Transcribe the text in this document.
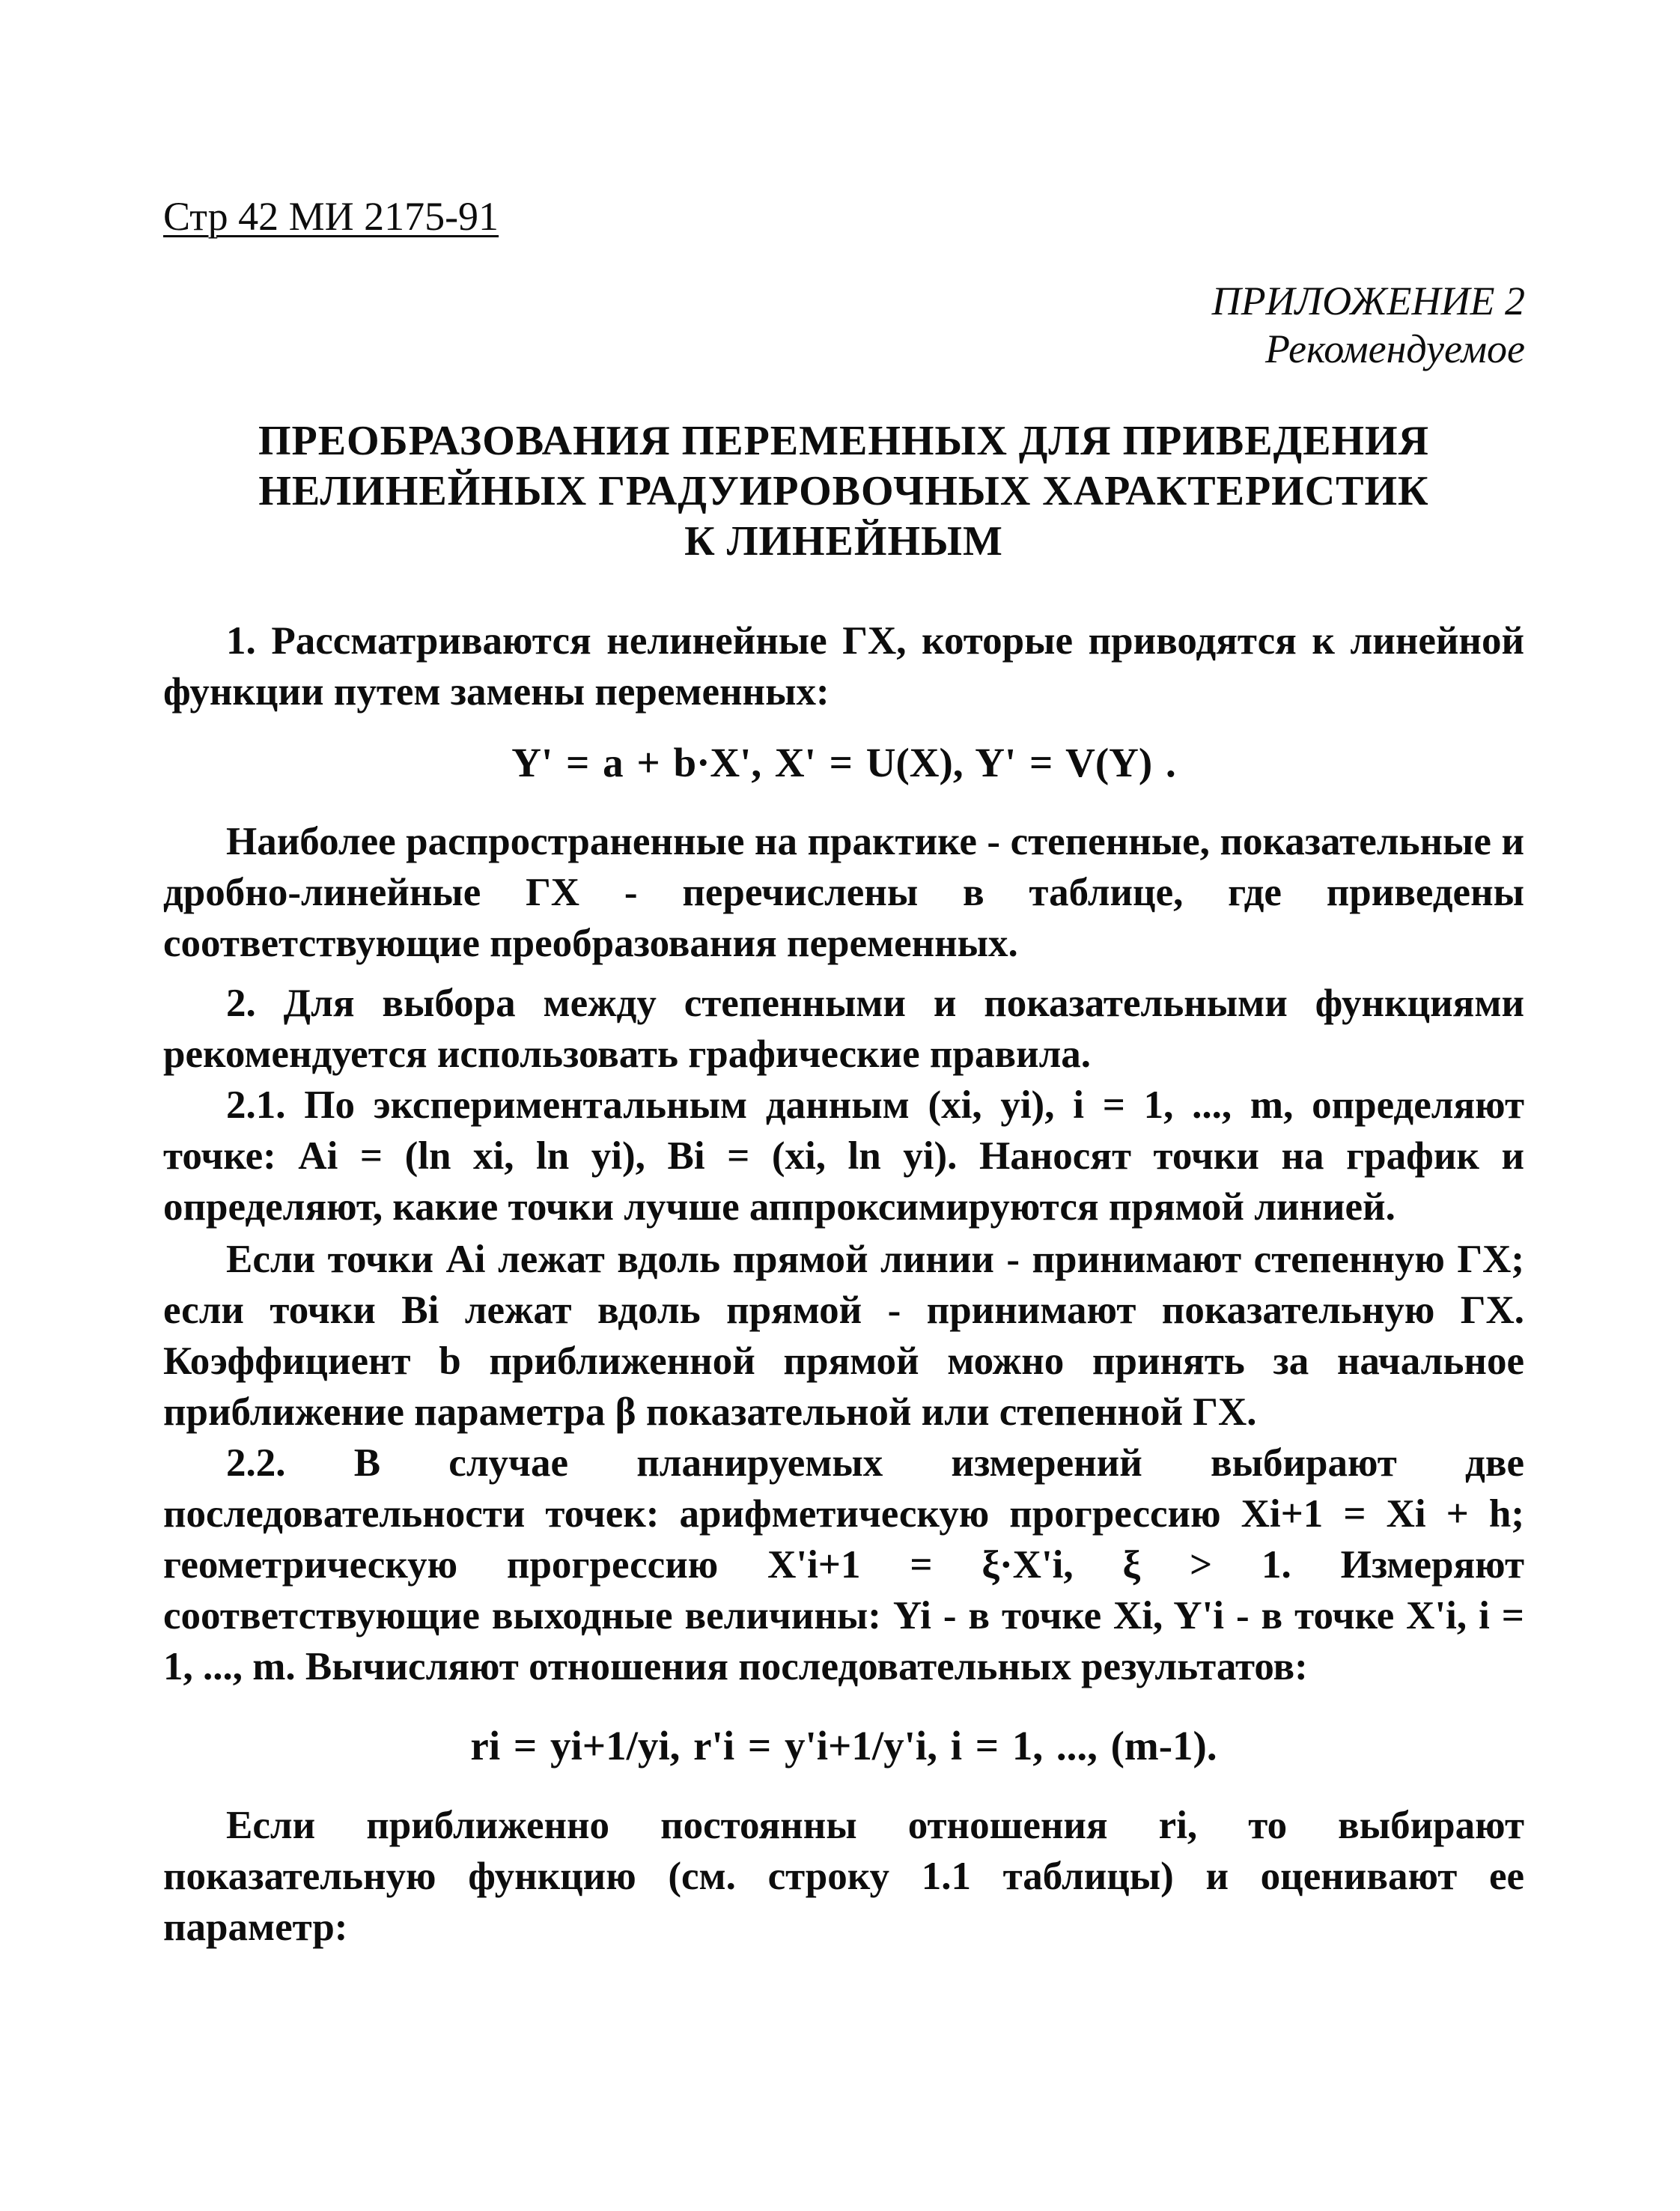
Стр 42 МИ 2175-91
ПРИЛОЖЕНИЕ 2
Рекомендуемое
ПРЕОБРАЗОВАНИЯ ПЕРЕМЕННЫХ ДЛЯ ПРИВЕДЕНИЯ
НЕЛИНЕЙНЫХ ГРАДУИРОВОЧНЫХ ХАРАКТЕРИСТИК
К ЛИНЕЙНЫМ

1. Рассматриваются нелинейные ГХ, которые приводятся к линейной функции путем замены переменных:

Y' = a + b·X', X' = U(X), Y' = V(Y) .

Наиболее распространенные на практике - степенные, показательные и дробно-линейные ГХ - перечислены в таблице, где приведены соответствующие преобразования переменных.

2. Для выбора между степенными и показательными функциями рекомендуется использовать графические правила.

2.1. По экспериментальным данным (xi, yi), i = 1, ..., m, определяют точке: Ai = (ln xi, ln yi), Bi = (xi, ln yi). Наносят точки на график и определяют, какие точки лучше аппроксимируются прямой линией.

Если точки Ai лежат вдоль прямой линии - принимают степенную ГХ; если точки Bi лежат вдоль прямой - принимают показательную ГХ. Коэффициент b приближенной прямой можно принять за начальное приближение параметра β показательной или степенной ГХ.

2.2. В случае планируемых измерений выбирают две последовательности точек: арифметическую прогрессию Xi+1 = Xi + h; геометрическую прогрессию X'i+1 = ξ·X'i, ξ > 1. Измеряют соответствующие выходные величины: Yi - в точке Xi, Y'i - в точке X'i, i = 1, ..., m. Вычисляют отношения последовательных результатов:

ri = yi+1/yi, r'i = y'i+1/y'i, i = 1, ..., (m-1).

Если приближенно постоянны отношения ri, то выбирают показательную функцию (см. строку 1.1 таблицы) и оценивают ее параметр:
